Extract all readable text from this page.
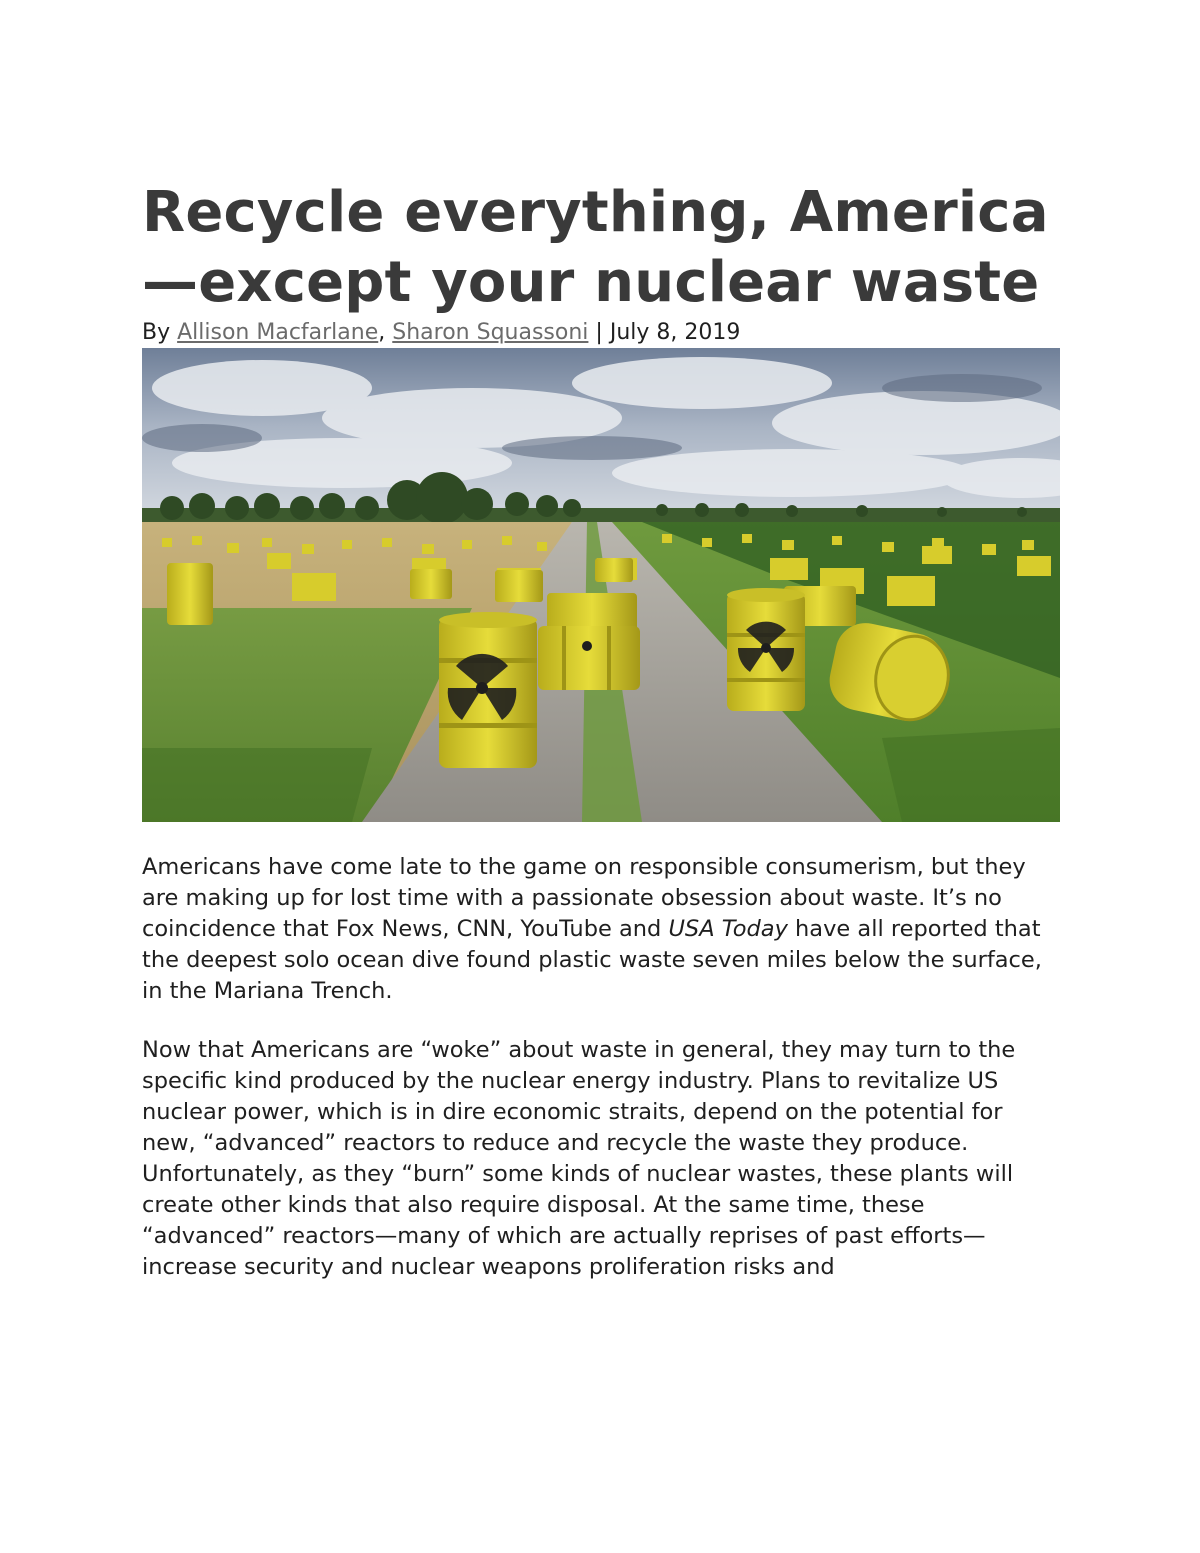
Recycle everything, America—except your nuclear waste

By Allison Macfarlane, Sharon Squassoni | July 8, 2019

Americans have come late to the game on responsible consumerism, but they are making up for lost time with a passionate obsession about waste. It’s no coincidence that Fox News, CNN, YouTube and USA Today have all reported that the deepest solo ocean dive found plastic waste seven miles below the surface, in the Mariana Trench.

Now that Americans are “woke” about waste in general, they may turn to the specific kind produced by the nuclear energy industry. Plans to revitalize US nuclear power, which is in dire economic straits, depend on the potential for new, “advanced” reactors to reduce and recycle the waste they produce. Unfortunately, as they “burn” some kinds of nuclear wastes, these plants will create other kinds that also require disposal. At the same time, these “advanced” reactors—many of which are actually reprises of past efforts—increase security and nuclear weapons proliferation risks and
